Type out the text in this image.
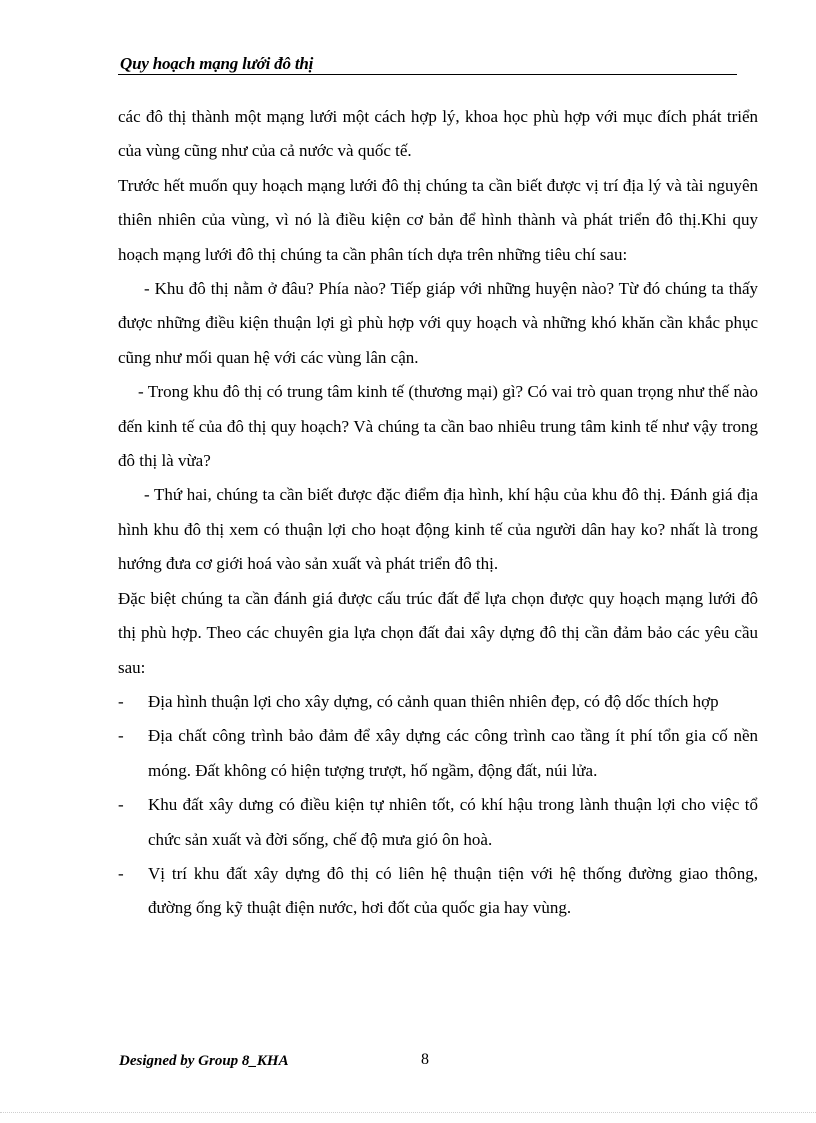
Quy hoạch mạng lưới đô thị

các đô thị thành một mạng lưới một cách hợp lý, khoa học phù hợp với mục đích phát triển của vùng cũng như của cả nước và quốc tế.

Trước hết muốn quy hoạch mạng lưới đô thị chúng ta cần biết được vị trí địa lý và tài nguyên thiên nhiên của vùng, vì nó là điều kiện cơ bản để hình thành và phát triển đô thị.Khi quy hoạch mạng lưới đô thị chúng ta cần phân tích dựa trên những tiêu chí sau:

- Khu đô thị nằm ở đâu? Phía nào? Tiếp giáp với những huyện nào? Từ đó chúng ta thấy được những điều kiện thuận lợi gì phù hợp với quy hoạch và những khó khăn cần khắc phục cũng như mối quan hệ với các vùng lân cận.

- Trong khu đô thị có trung tâm kinh tế (thương mại) gì? Có vai trò quan trọng như thế nào đến kinh tế của đô thị quy hoạch? Và chúng ta cần bao nhiêu trung tâm kinh tế như vậy trong đô thị là vừa?

- Thứ hai, chúng ta cần biết được đặc điểm địa hình, khí hậu của khu đô thị. Đánh giá địa hình khu đô thị xem có thuận lợi cho hoạt động kinh tế của người dân hay ko? nhất là trong hướng đưa cơ giới hoá vào sản xuất và phát triển đô thị.

Đặc biệt chúng ta cần đánh giá được cấu trúc đất để lựa chọn được quy hoạch mạng lưới đô thị phù hợp. Theo các chuyên gia lựa chọn đất đai xây dựng đô thị cần đảm bảo các yêu cầu sau:

-	Địa hình thuận lợi cho xây dựng, có cảnh quan thiên nhiên đẹp, có độ dốc thích hợp
-	Địa chất công trình bảo đảm để xây dựng các công trình cao tầng ít phí tổn gia cố nền móng. Đất không có hiện tượng trượt, hố ngầm, động đất, núi lửa.
-	Khu đất xây dưng có điều kiện tự nhiên tốt, có khí hậu trong lành thuận lợi cho việc tổ chức sản xuất và đời sống, chế độ mưa gió ôn hoà.
-	Vị trí khu đất xây dựng đô thị có liên hệ thuận tiện với hệ thống đường giao thông, đường ống kỹ thuật điện nước, hơi đốt của quốc gia hay vùng.
Designed by Group 8_KHA	8
